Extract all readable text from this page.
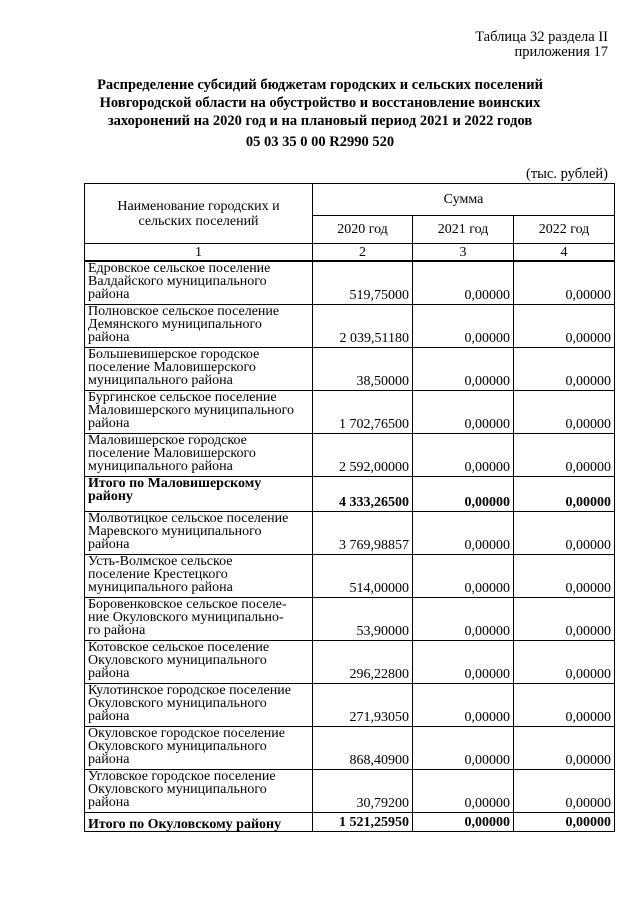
Таблица 32 раздела II
приложения 17
Распределение субсидий бюджетам городских и сельских поселений
Новгородской области на обустройство и восстановление воинских
захоронений на 2020 год и на плановый период 2021 и 2022 годов
05 03 35 0 00 R2990 520
(тыс. рублей)
Наименование городских и
сельских поселений	Сумма		
	2020 год	2021 год	2022 год
1	2	3	4

Едровское сельское поселение
Валдайского муниципального
района	519,75000	0,00000	0,00000

Полновское сельское поселение
Демянского муниципального
района	2 039,51180	0,00000	0,00000

Большевишерское городское
поселение Маловишерского
муниципального района	38,50000	0,00000	0,00000

Бургинское сельское поселение
Маловишерского муниципального
района	1 702,76500	0,00000	0,00000

Маловишерское городское
поселение Маловишерского
муниципального района	2 592,00000	0,00000	0,00000

Итого по Маловишерскому
району	4 333,26500	0,00000	0,00000

Молвотицкое сельское поселение
Маревского муниципального
района	3 769,98857	0,00000	0,00000

Усть-Волмское сельское
поселение Крестецкого
муниципального района	514,00000	0,00000	0,00000

Боровенковское сельское поселе-
ние Окуловского муниципально-
го района	53,90000	0,00000	0,00000

Котовское сельское поселение
Окуловского муниципального
района	296,22800	0,00000	0,00000

Кулотинское городское поселение
Окуловского муниципального
района	271,93050	0,00000	0,00000

Окуловское городское поселение
Окуловского муниципального
района	868,40900	0,00000	0,00000

Угловское городское поселение
Окуловского муниципального
района	30,79200	0,00000	0,00000

Итого по Окуловскому району	1 521,25950	0,00000	0,00000
